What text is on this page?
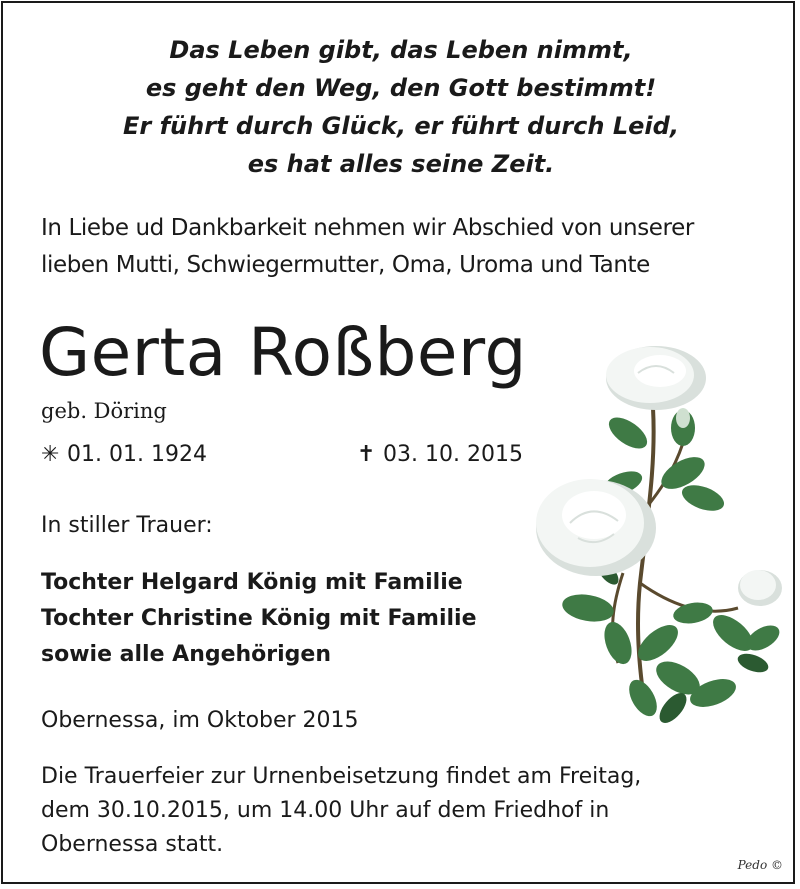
Das Leben gibt, das Leben nimmt,
es geht den Weg, den Gott bestimmt!
Er führt durch Glück, er führt durch Leid,
es hat alles seine Zeit.
In Liebe ud Dankbarkeit nehmen wir Abschied von unserer
lieben Mutti, Schwiegermutter, Oma, Uroma und Tante
Gerta Roßberg
geb. Döring
✳ 01. 01. 1924	✝ 03. 10. 2015
In stiller Trauer:
Tochter Helgard König mit Familie
Tochter Christine König mit Familie
sowie alle Angehörigen
Obernessa, im Oktober 2015
Die Trauerfeier zur Urnenbeisetzung findet am Freitag,
dem 30.10.2015, um 14.00 Uhr auf dem Friedhof in
Obernessa statt.
Pedo ©
